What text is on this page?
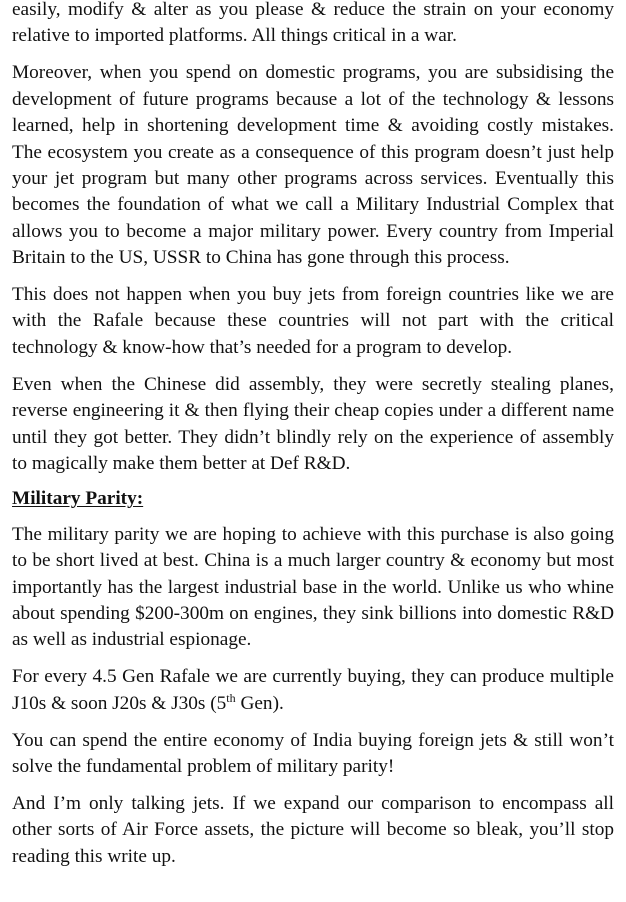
easily, modify & alter as you please & reduce the strain on your economy relative to imported platforms. All things critical in a war.

Moreover, when you spend on domestic programs, you are subsidising the development of future programs because a lot of the technology & lessons learned, help in shortening development time & avoiding costly mistakes. The ecosystem you create as a consequence of this program doesn’t just help your jet program but many other programs across services. Eventually this becomes the foundation of what we call a Military Industrial Complex that allows you to become a major military power. Every country from Imperial Britain to the US, USSR to China has gone through this process.

This does not happen when you buy jets from foreign countries like we are with the Rafale because these countries will not part with the critical technology & know-how that’s needed for a program to develop.

Even when the Chinese did assembly, they were secretly stealing planes, reverse engineering it & then flying their cheap copies under a different name until they got better. They didn’t blindly rely on the experience of assembly to magically make them better at Def R&D.

Military Parity:

The military parity we are hoping to achieve with this purchase is also going to be short lived at best. China is a much larger country & economy but most importantly has the largest industrial base in the world. Unlike us who whine about spending $200-300m on engines, they sink billions into domestic R&D as well as industrial espionage.

For every 4.5 Gen Rafale we are currently buying, they can produce multiple J10s & soon J20s & J30s (5th Gen).

You can spend the entire economy of India buying foreign jets & still won’t solve the fundamental problem of military parity!

And I’m only talking jets. If we expand our comparison to encompass all other sorts of Air Force assets, the picture will become so bleak, you’ll stop reading this write up.
